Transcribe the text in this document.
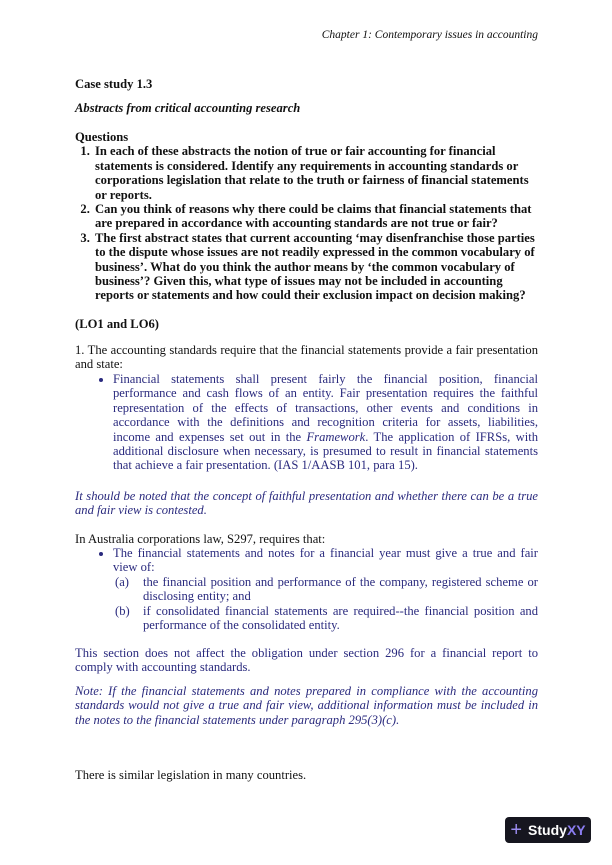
Chapter 1: Contemporary issues in accounting
Case study 1.3
Abstracts from critical accounting research
Questions
1. In each of these abstracts the notion of true or fair accounting for financial statements is considered. Identify any requirements in accounting standards or corporations legislation that relate to the truth or fairness of financial statements or reports.
2. Can you think of reasons why there could be claims that financial statements that are prepared in accordance with accounting standards are not true or fair?
3. The first abstract states that current accounting ‘may disenfranchise those parties to the dispute whose issues are not readily expressed in the common vocabulary of business’. What do you think the author means by ‘the common vocabulary of business’? Given this, what type of issues may not be included in accounting reports or statements and how could their exclusion impact on decision making?
(LO1 and LO6)
1. The accounting standards require that the financial statements provide a fair presentation and state:
• Financial statements shall present fairly the financial position, financial performance and cash flows of an entity. Fair presentation requires the faithful representation of the effects of transactions, other events and conditions in accordance with the definitions and recognition criteria for assets, liabilities, income and expenses set out in the Framework. The application of IFRSs, with additional disclosure when necessary, is presumed to result in financial statements that achieve a fair presentation. (IAS 1/AASB 101, para 15).
It should be noted that the concept of faithful presentation and whether there can be a true and fair view is contested.
In Australia corporations law, S297, requires that:
• The financial statements and notes for a financial year must give a true and fair view of:
(a)	the financial position and performance of the company, registered scheme or disclosing entity; and
(b)	if consolidated financial statements are required--the financial position and performance of the consolidated entity.
This section does not affect the obligation under section 296 for a financial report to comply with accounting standards.
Note: If the financial statements and notes prepared in compliance with the accounting standards would not give a true and fair view, additional information must be included in the notes to the financial statements under paragraph 295(3)(c).
There is similar legislation in many countries.
+ StudyXY
